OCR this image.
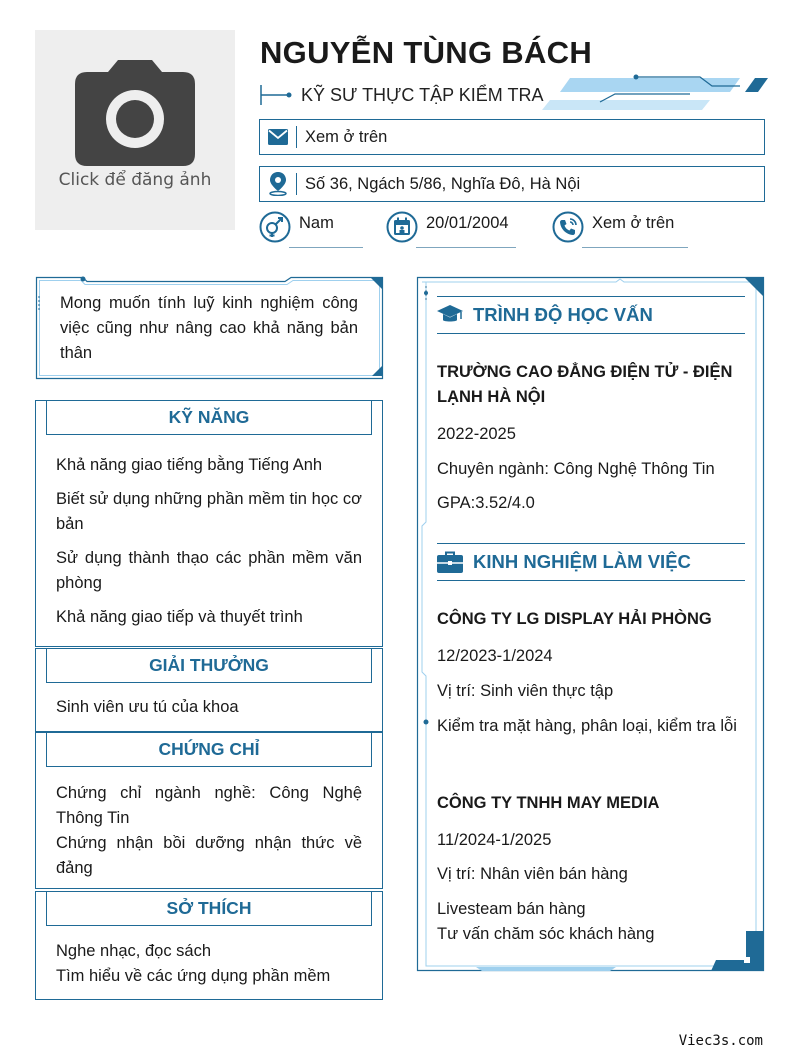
Click để đăng ảnh
NGUYỄN TÙNG BÁCH
KỸ SƯ THỰC TẬP KIỂM TRA
Xem ở trên
Số 36, Ngách 5/86, Nghĩa Đô, Hà Nội
Nam	20/01/2004	Xem ở trên
Mong muốn tính luỹ kinh nghiệm công việc cũng như nâng cao khả năng bản thân
KỸ NĂNG

Khả năng giao tiếng bằng Tiếng Anh

Biết sử dụng những phần mềm tin học cơ bản

Sử dụng thành thạo các phần mềm văn phòng

Khả năng giao tiếp và thuyết trình

GIẢI THƯỞNG

Sinh viên ưu tú của khoa

CHỨNG CHỈ

Chứng chỉ ngành nghề: Công Nghệ Thông Tin

Chứng nhận bồi dưỡng nhận thức về đảng

SỞ THÍCH

Nghe nhạc, đọc sách

Tìm hiểu về các ứng dụng phần mềm

TRÌNH ĐỘ HỌC VẤN
TRƯỜNG CAO ĐẲNG ĐIỆN TỬ - ĐIỆN LẠNH HÀ NỘI
2022-2025
Chuyên ngành: Công Nghệ Thông Tin
GPA:3.52/4.0
KINH NGHIỆM LÀM VIỆC
CÔNG TY LG DISPLAY HẢI PHÒNG
12/2023-1/2024
Vị trí: Sinh viên thực tập
Kiểm tra mặt hàng, phân loại, kiểm tra lỗi
CÔNG TY TNHH MAY MEDIA
11/2024-1/2025
Vị trí: Nhân viên bán hàng
Livesteam bán hàng
Tư vấn chăm sóc khách hàng
Viec3s.com
